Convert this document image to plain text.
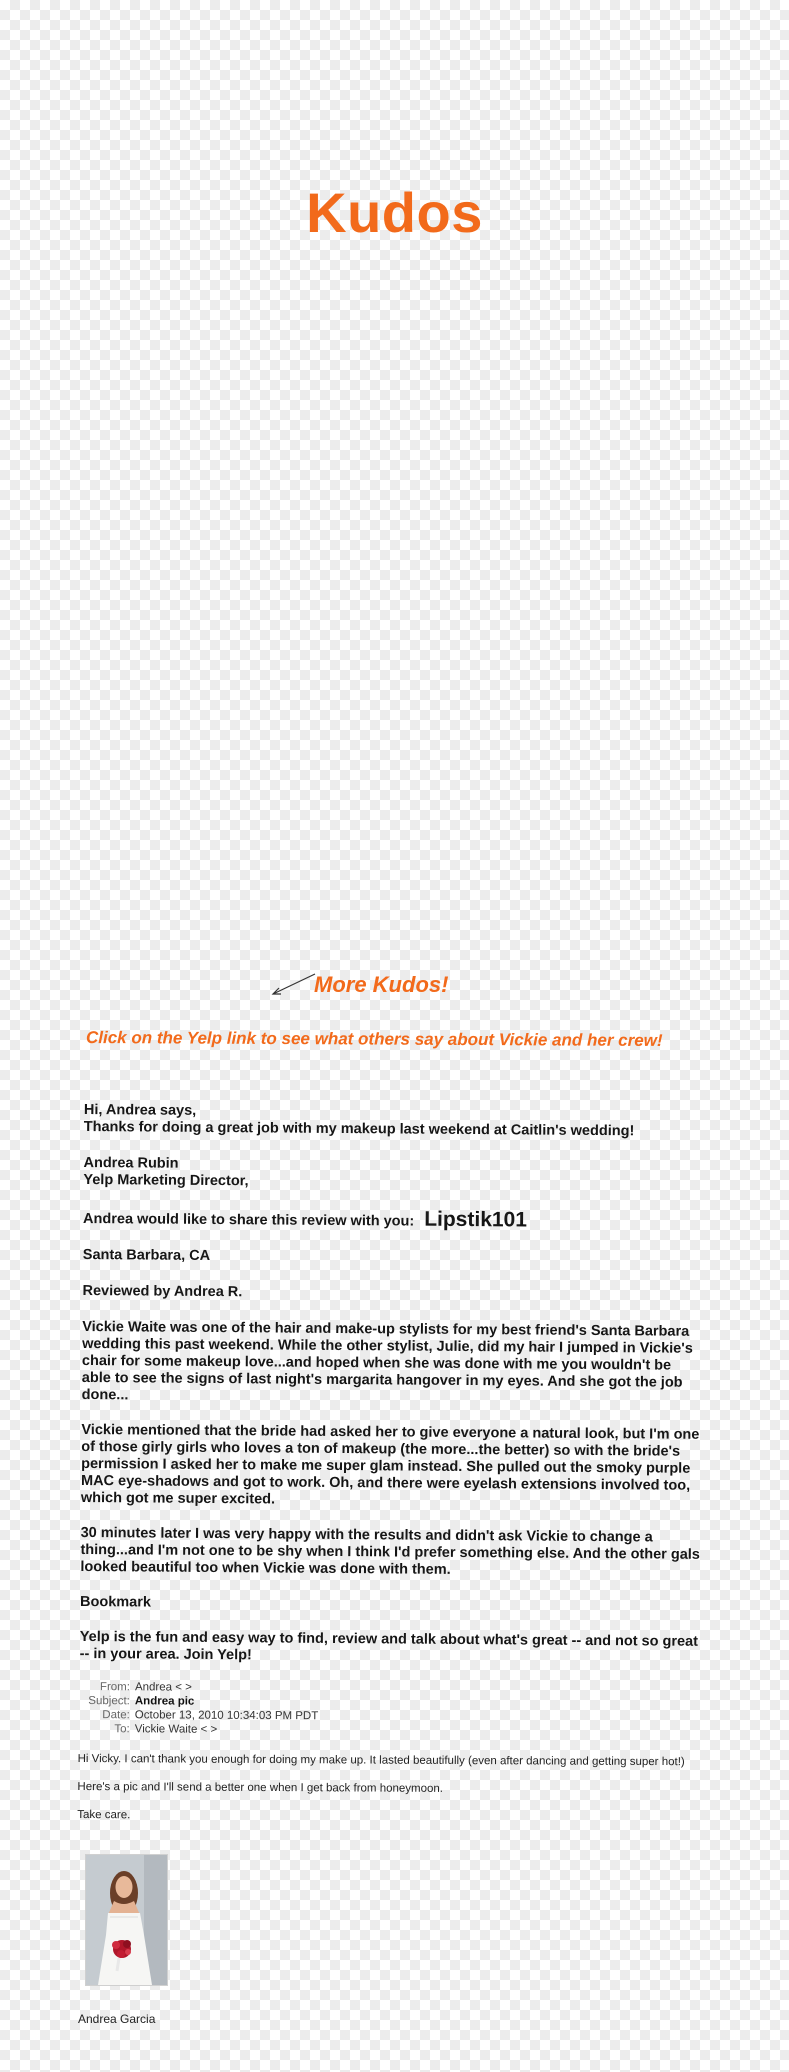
Kudos
More Kudos!
Click on the Yelp link to see what others say about Vickie and her crew!

Hi, Andrea says,

Thanks for doing a great job with my makeup last weekend at Caitlin's wedding!

Andrea Rubin

Yelp Marketing Director,

Andrea would like to share this review with you: Lipstik101

Santa Barbara, CA

Reviewed by Andrea R.

Vickie Waite was one of the hair and make-up stylists for my best friend's Santa Barbara wedding this past weekend. While the other stylist, Julie, did my hair I jumped in Vickie's chair for some makeup love...and hoped when she was done with me you wouldn't be able to see the signs of last night's margarita hangover in my eyes. And she got the job done...

Vickie mentioned that the bride had asked her to give everyone a natural look, but I'm one of those girly girls who loves a ton of makeup (the more...the better) so with the bride's permission I asked her to make me super glam instead. She pulled out the smoky purple MAC eye-shadows and got to work. Oh, and there were eyelash extensions involved too, which got me super excited.

30 minutes later I was very happy with the results and didn't ask Vickie to change a thing...and I'm not one to be shy when I think I'd prefer something else. And the other gals looked beautiful too when Vickie was done with them.

Bookmark

Yelp is the fun and easy way to find, review and talk about what's great -- and not so great -- in your area. Join Yelp!

From: Andrea < >
Subject: Andrea pic
Date: October 13, 2010 10:34:03 PM PDT
To: Vickie Waite < >

Hi Vicky. I can't thank you enough for doing my make up. It lasted beautifully (even after dancing and getting super hot!)

Here's a pic and I'll send a better one when I get back from honeymoon.

Take care.

Andrea Garcia
